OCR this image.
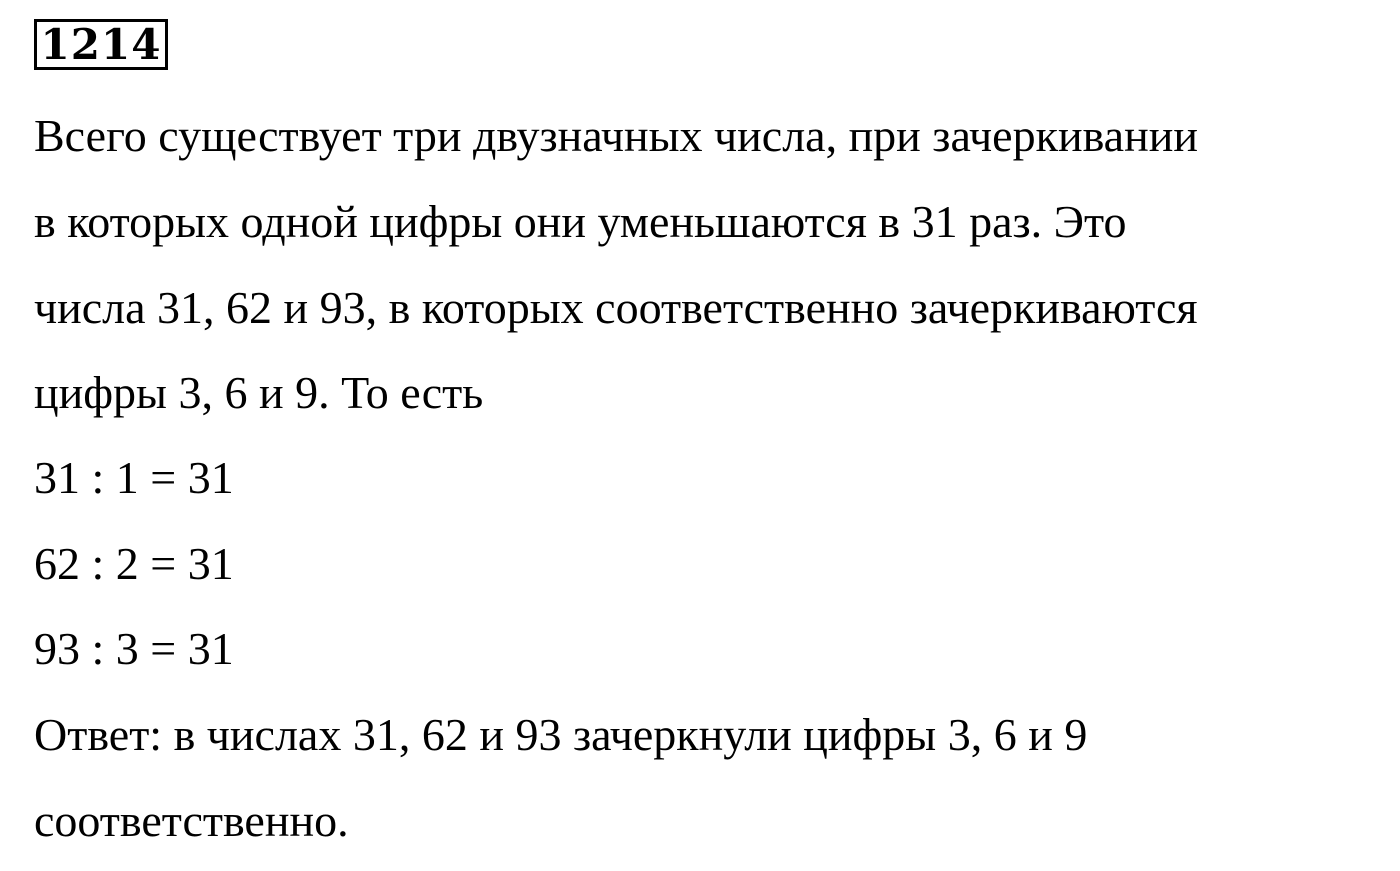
1214
Всего существует три двузначных числа, при зачеркивании
в которых одной цифры они уменьшаются в 31 раз. Это
числа 31, 62 и 93, в которых соответственно зачеркиваются
цифры 3, 6 и 9. То есть
31 : 1 = 31
62 : 2 = 31
93 : 3 = 31
Ответ: в числах 31, 62 и 93 зачеркнули цифры 3, 6 и 9
соответственно.
